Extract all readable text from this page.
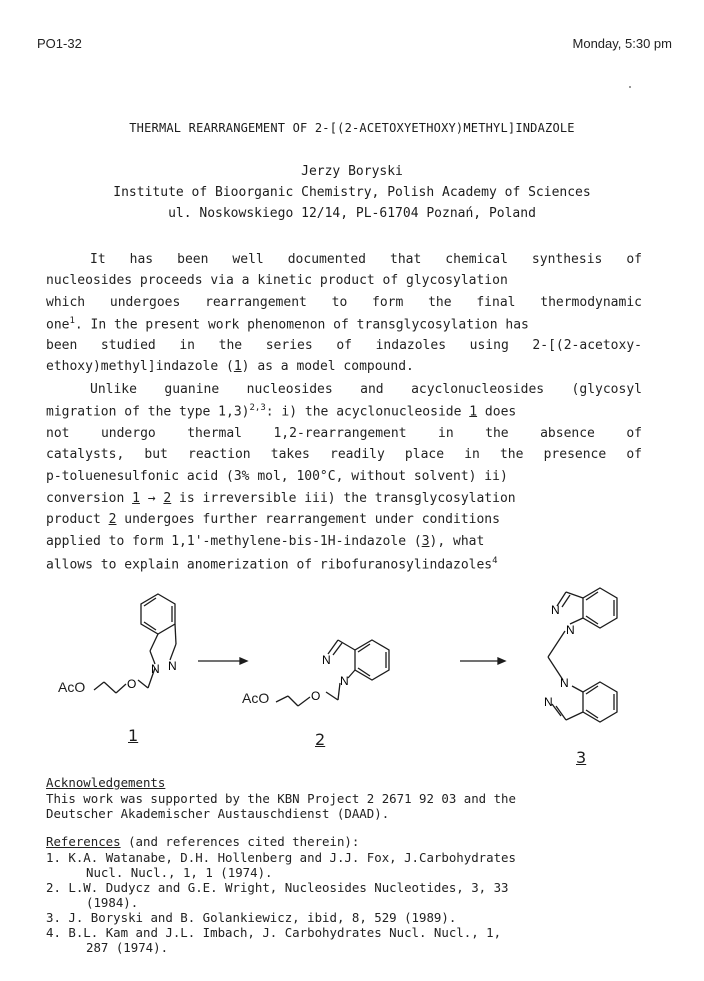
PO1-32	Monday, 5:30 pm
THERMAL REARRANGEMENT OF 2-[(2-ACETOXYETHOXY)METHYL]INDAZOLE
Jerzy Boryski
Institute of Bioorganic Chemistry, Polish Academy of Sciences
ul. Noskowskiego 12/14, PL-61704 Poznań, Poland
It has been well documented that chemical synthesis of
nucleosides proceeds via a kinetic product of glycosylation
which undergoes rearrangement to form the final thermodynamic
one$^1$. In the present work phenomenon of transglycosylation has
been studied in the series of indazoles using 2-[(2-acetoxy-
ethoxy)methyl]indazole (1) as a model compound.
Unlike guanine nucleosides and acyclonucleosides (glycosyl
migration of the type 1,3)$^{2,3}$: i) the acyclonucleoside 1 does
not undergo thermal 1,2-rearrangement in the absence of
catalysts, but reaction takes readily place in the presence of
p-toluenesulfonic acid (3% mol, 100°C, without solvent) ii)
conversion 1 → 2 is irreversible iii) the transglycosylation
product 2 undergoes further rearrangement under conditions
applied to form 1,1'-methylene-bis-1H-indazole (3), what
allows to explain anomerization of ribofuranosylindazoles$^4$
N N
N
N
N
N
N
N
O
O
AcO
AcO
1	2
3
Acknowledgements
This work was supported by the KBN Project 2 2671 92 03 and the
Deutscher Akademischer Austauschdienst (DAAD).
References (and references cited therein):
1. K.A. Watanabe, D.H. Hollenberg and J.J. Fox, J.Carbohydrates
Nucl. Nucl., 1, 1 (1974).
2. L.W. Dudycz and G.E. Wright, Nucleosides Nucleotides, 3, 33
(1984).
3. J. Boryski and B. Golankiewicz, ibid, 8, 529 (1989).
4. B.L. Kam and J.L. Imbach, J. Carbohydrates Nucl. Nucl., 1,
287 (1974).
